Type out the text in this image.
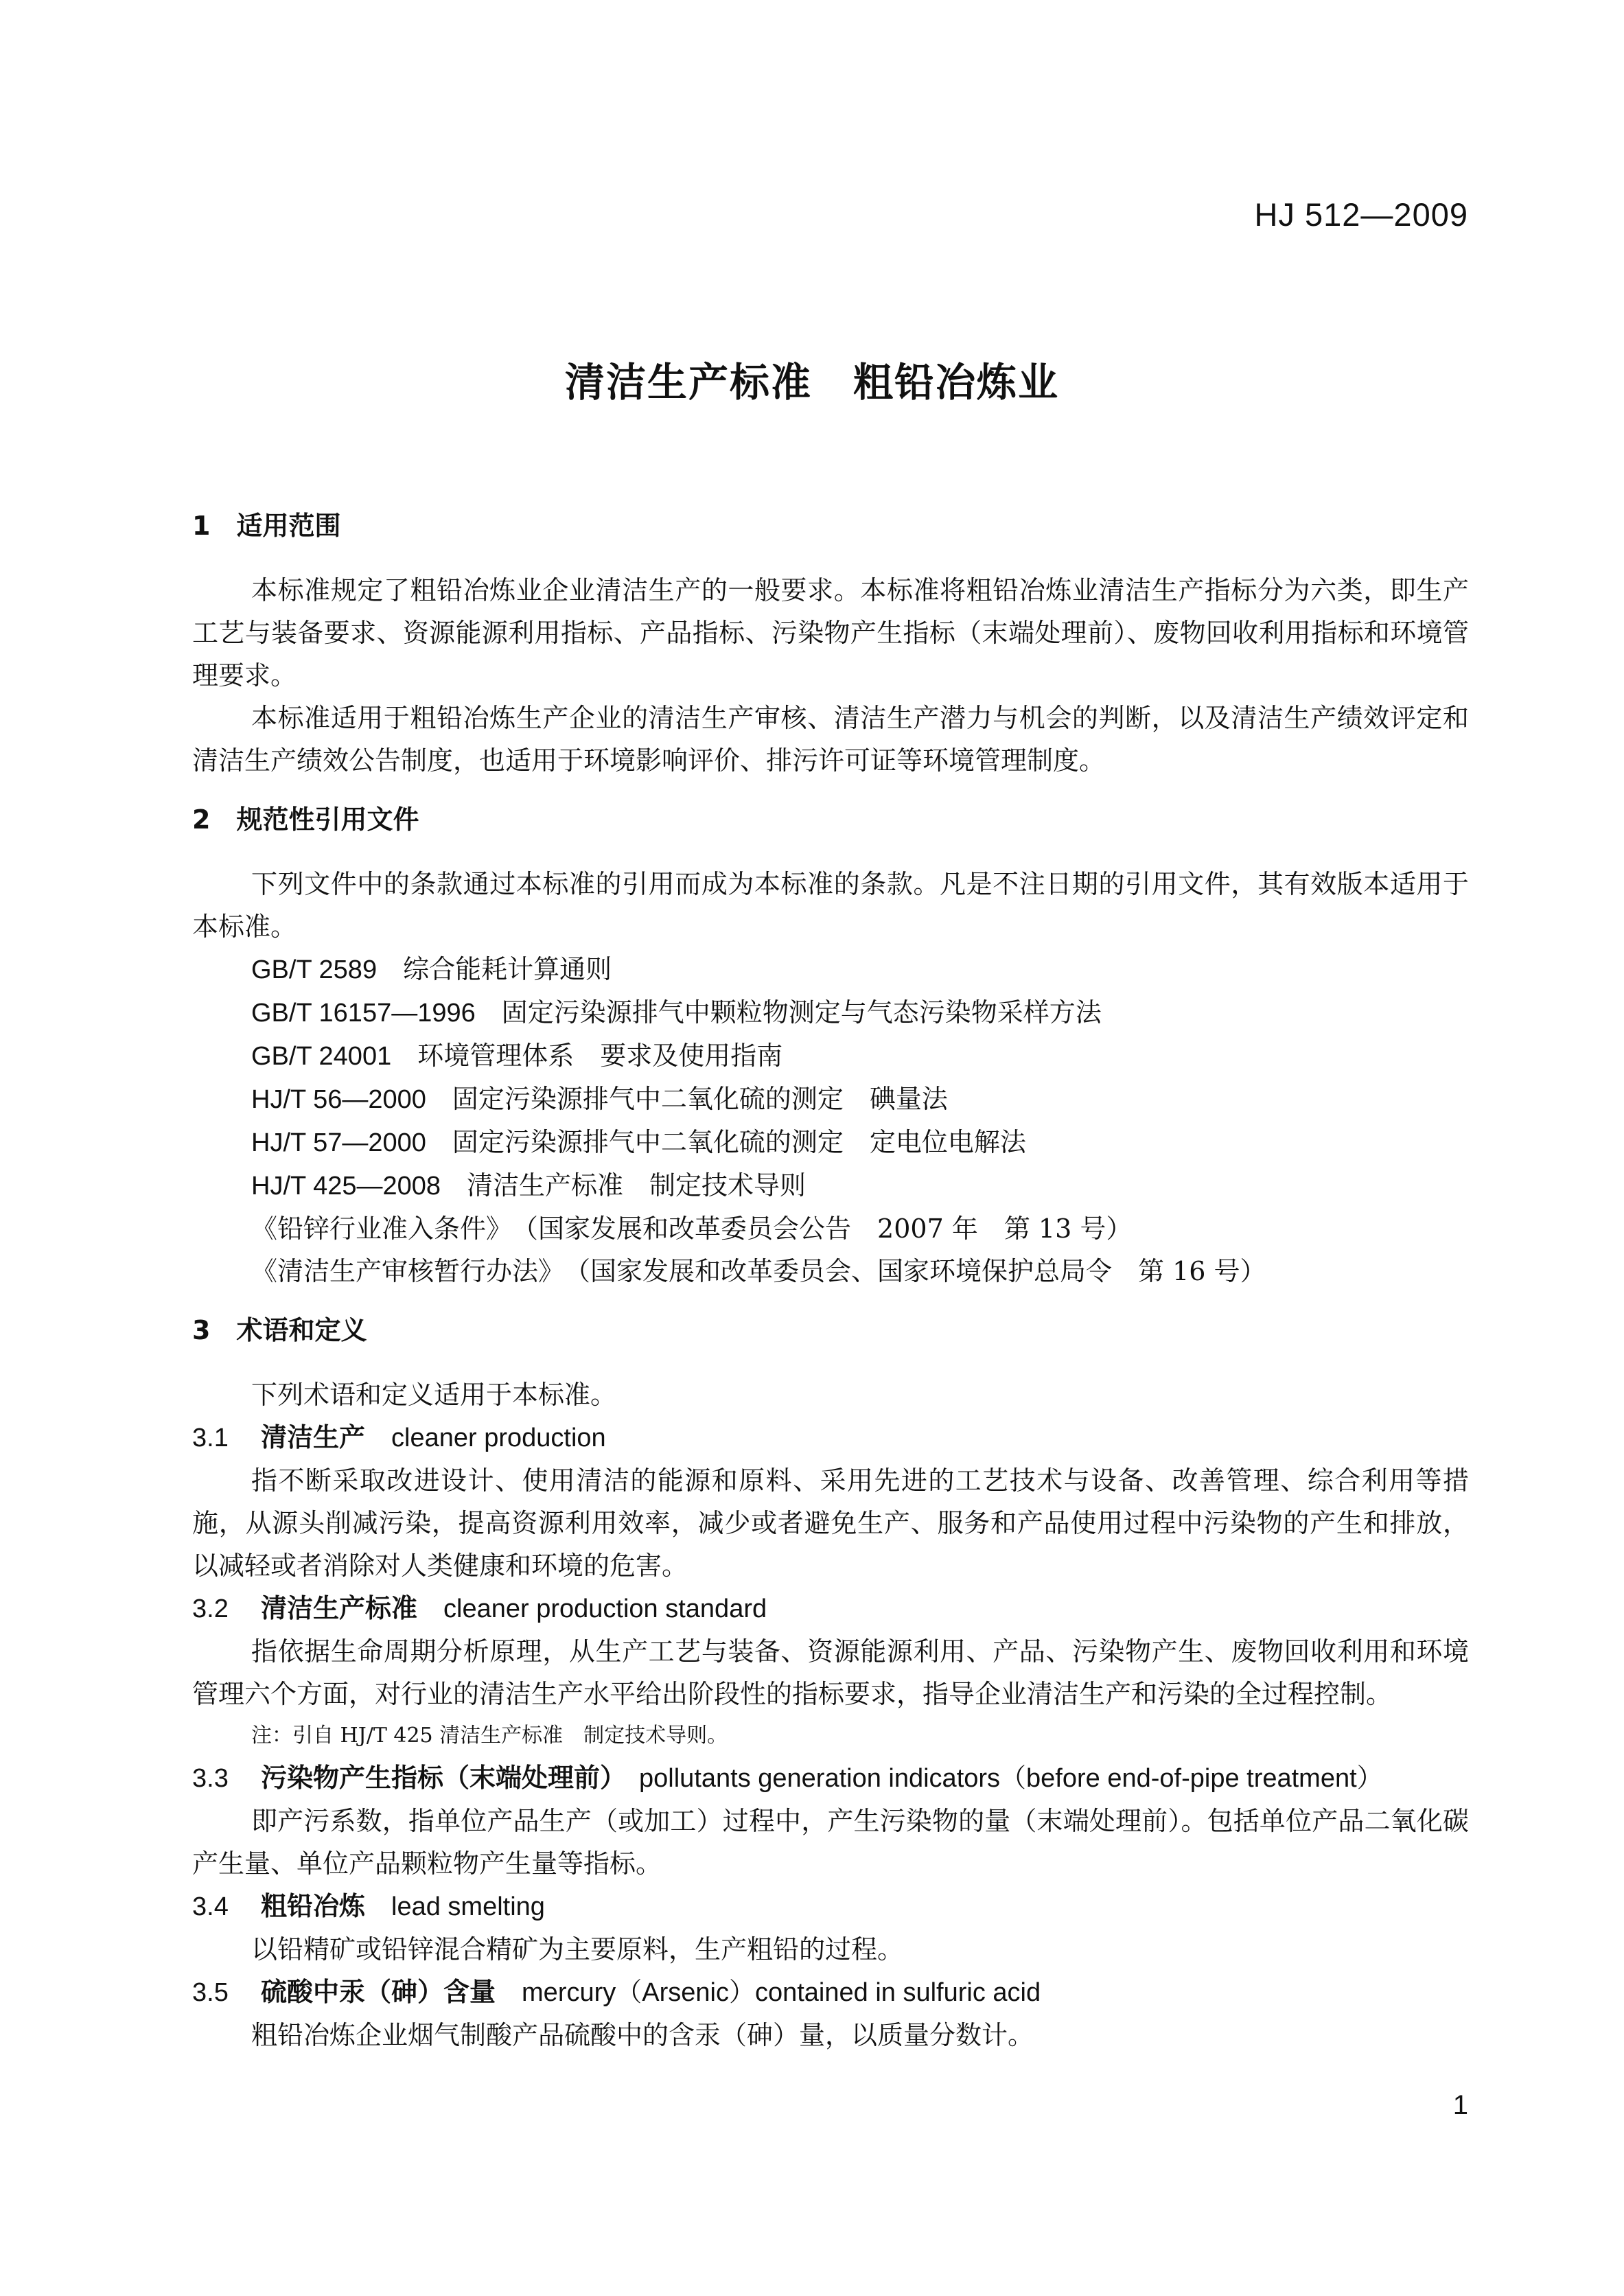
HJ 512—2009
清洁生产标准　粗铅冶炼业
1　适用范围

本标准规定了粗铅冶炼业企业清洁生产的一般要求。本标准将粗铅冶炼业清洁生产指标分为六类，即生产工艺与装备要求、资源能源利用指标、产品指标、污染物产生指标（末端处理前）、废物回收利用指标和环境管理要求。

本标准适用于粗铅冶炼生产企业的清洁生产审核、清洁生产潜力与机会的判断，以及清洁生产绩效评定和清洁生产绩效公告制度，也适用于环境影响评价、排污许可证等环境管理制度。

2　规范性引用文件

下列文件中的条款通过本标准的引用而成为本标准的条款。凡是不注日期的引用文件，其有效版本适用于本标准。

GB/T 2589　 综合能耗计算通则
GB/T 16157—1996　 固定污染源排气中颗粒物测定与气态污染物采样方法
GB/T 24001　 环境管理体系　要求及使用指南
HJ/T 56—2000　 固定污染源排气中二氧化硫的测定　碘量法
HJ/T 57—2000　 固定污染源排气中二氧化硫的测定　定电位电解法
HJ/T 425—2008　 清洁生产标准　制定技术导则
《铅锌行业准入条件》　 （国家发展和改革委员会公告　2007 年　第 13 号）
《清洁生产审核暂行办法》　 （国家发展和改革委员会、国家环境保护总局令　第 16 号）
3　术语和定义

下列术语和定义适用于本标准。

3.1 清洁生产　 cleaner production

指不断采取改进设计、使用清洁的能源和原料、采用先进的工艺技术与设备、改善管理、综合利用等措施，从源头削减污染，提高资源利用效率，减少或者避免生产、服务和产品使用过程中污染物的产生和排放，以减轻或者消除对人类健康和环境的危害。

3.2 清洁生产标准　 cleaner production standard

指依据生命周期分析原理，从生产工艺与装备、资源能源利用、产品、污染物产生、废物回收利用和环境管理六个方面，对行业的清洁生产水平给出阶段性的指标要求，指导企业清洁生产和污染的全过程控制。

注：引自 HJ/T 425 清洁生产标准　制定技术导则。
3.3 污染物产生指标（末端处理前）　 pollutants generation indicators（before end-of-pipe treatment）

即产污系数，指单位产品生产（或加工）过程中，产生污染物的量（末端处理前）。包括单位产品二氧化碳产生量、单位产品颗粒物产生量等指标。

3.4 粗铅冶炼　 lead smelting

以铅精矿或铅锌混合精矿为主要原料，生产粗铅的过程。

3.5 硫酸中汞（砷）含量　 mercury（Arsenic）contained in sulfuric acid

粗铅冶炼企业烟气制酸产品硫酸中的含汞（砷）量，以质量分数计。

1
